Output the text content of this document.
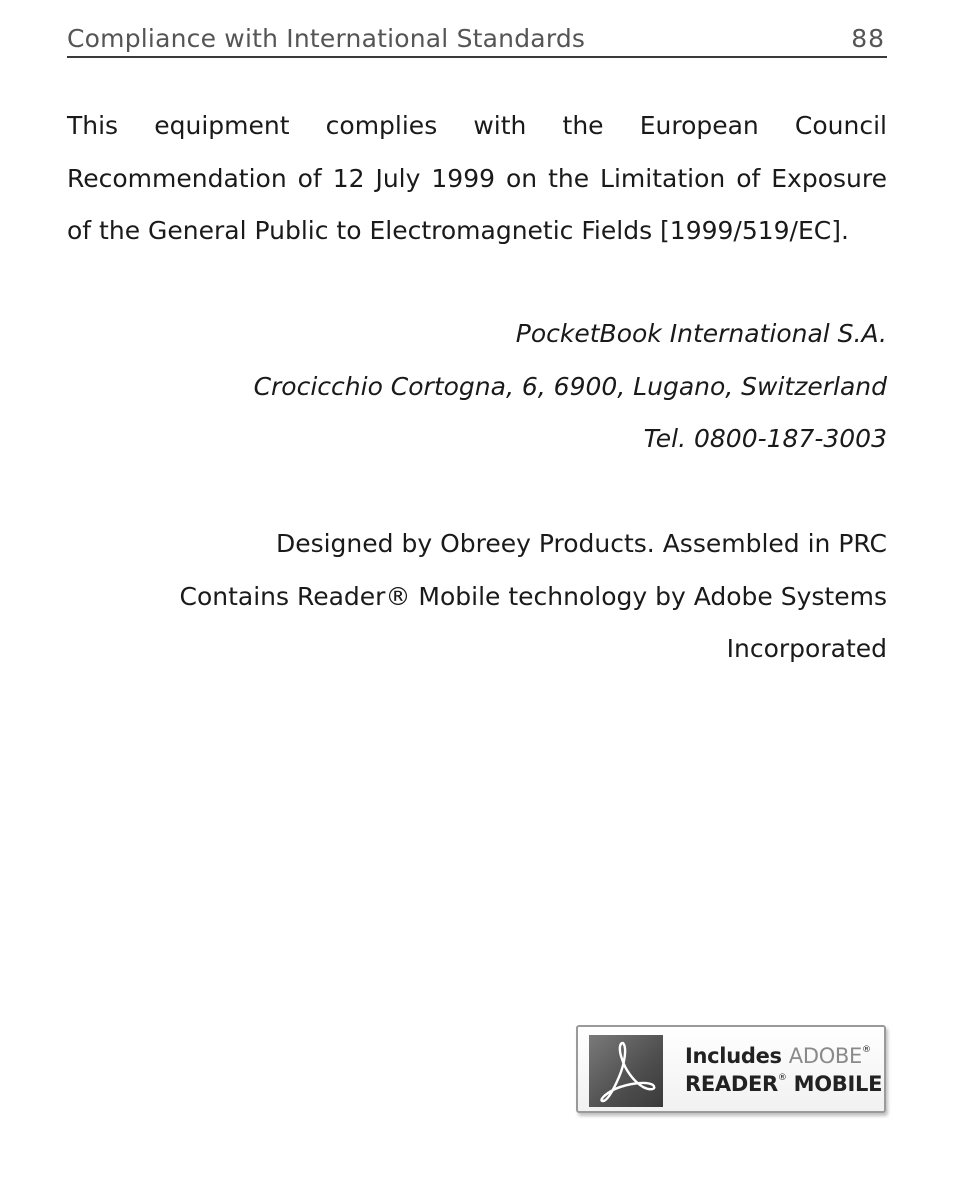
Compliance with International Standards	88

This equipment complies with the European Council Recommendation of 12 July 1999 on the Limitation of Exposure of the General Public to Electromagnetic Fields [1999/519/EC].

PocketBook International S.A.
Crocicchio Cortogna, 6, 6900, Lugano, Switzerland
Tel. 0800-187-3003
Designed by Obreey Products. Assembled in PRC
Contains Reader® Mobile technology by Adobe Systems
Incorporated
Includes ADOBE®
READER® MOBILE
